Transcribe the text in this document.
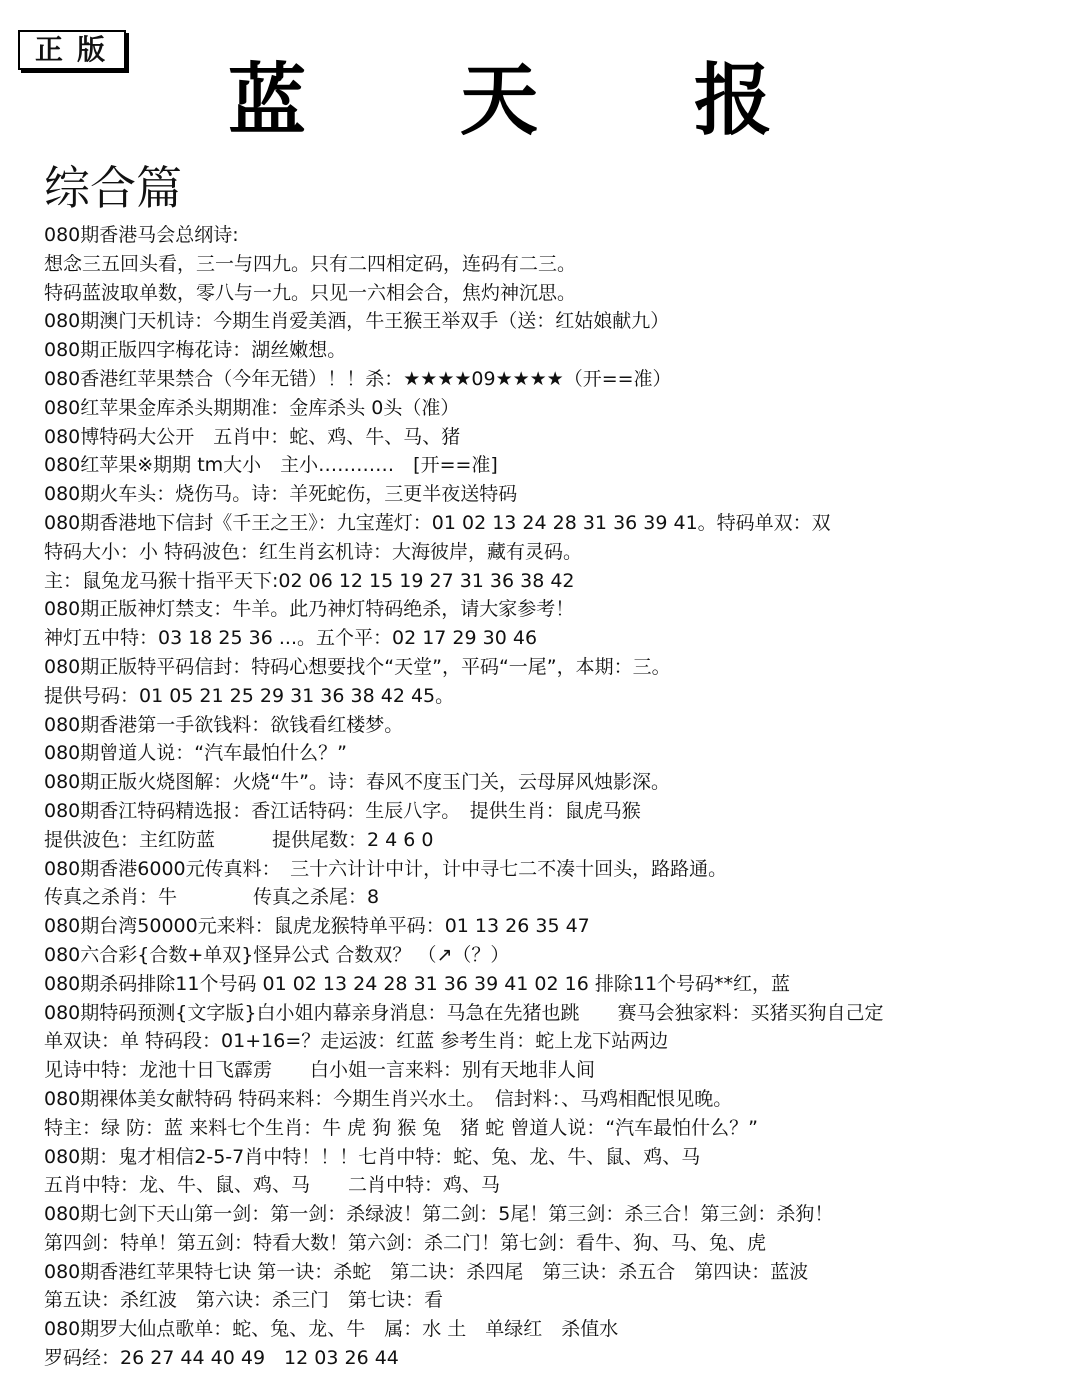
正版
蓝 天 报
综合篇
080期香港马会总纲诗:
想念三五回头看，三一与四九。只有二四相定码，连码有二三。
特码蓝波取单数，零八与一九。只见一六相会合，焦灼神沉思。
080期澳门天机诗：今期生肖爱美酒，牛王猴王举双手（送：红姑娘献九）
080期正版四字梅花诗：湖丝嫩想。
080香港红苹果禁合（今年无错）！！杀：★★★★09★★★★（开==准）
080红苹果金库杀头期期准：金库杀头 0头（准）
080博特码大公开　五肖中：蛇、鸡、牛、马、猪
080红苹果※期期 tm大小　主小…………　[开==准]
080期火车头：烧伤马。诗：羊死蛇伤，三更半夜送特码
080期香港地下信封《千王之王》：九宝莲灯：01 02 13 24 28 31 36 39 41。特码单双：双
特码大小：小 特码波色：红生肖玄机诗：大海彼岸，藏有灵码。
主：鼠兔龙马猴十指平天下:02 06 12 15 19 27 31 36 38 42
080期正版神灯禁支：牛羊。此乃神灯特码绝杀，请大家参考！
神灯五中特：03 18 25 36 ...。五个平：02 17 29 30 46
080期正版特平码信封：特码心想要找个“天堂”，平码“一尾”，本期：三。
提供号码：01 05 21 25 29 31 36 38 42 45。
080期香港第一手欲钱料：欲钱看红楼梦。
080期曾道人说：“汽车最怕什么？”
080期正版火烧图解：火烧“牛”。诗：春风不度玉门关，云母屏风烛影深。
080期香江特码精选报：香江话特码：生辰八字。　提供生肖：鼠虎马猴
提供波色：主红防蓝　　　提供尾数：2 4 6 0
080期香港6000元传真料：　三十六计计中计，计中寻七二不凑十回头，路路通。
传真之杀肖：牛　　　　传真之杀尾：8
080期台湾50000元来料：鼠虎龙猴特单平码：01 13 26 35 47
080六合彩{合数+单双}怪异公式 合数双？ （↗（？）
080期杀码排除11个号码 01 02 13 24 28 31 36 39 41 02 16 排除11个号码**红，蓝
080期特码预测{文字版}白小姐内幕亲身消息：马急在先猪也跳　　赛马会独家料：买猪买狗自己定
单双诀：单 特码段：01+16=？走运波：红蓝 参考生肖：蛇上龙下站两边
见诗中特：龙池十日飞霹雳　　白小姐一言来料：别有天地非人间
080期裸体美女献特码 特码来料：今期生肖兴水土。　信封料：、马鸡相配恨见晚。
特主：绿 防：蓝 来料七个生肖：牛 虎 狗 猴 兔　猪 蛇 曾道人说：“汽车最怕什么？”
080期：鬼才相信2-5-7肖中特！！！七肖中特：蛇、兔、龙、牛、鼠、鸡、马
五肖中特：龙、牛、鼠、鸡、马　　二肖中特：鸡、马
080期七剑下天山第一剑：第一剑：杀绿波！第二剑：5尾！第三剑：杀三合！第三剑：杀狗！
第四剑：特单！第五剑：特看大数！第六剑：杀二门！第七剑：看牛、狗、马、兔、虎
080期香港红苹果特七诀 第一诀：杀蛇　第二诀：杀四尾　第三诀：杀五合　第四诀：蓝波
第五诀：杀红波　第六诀：杀三门　第七诀：看
080期罗大仙点歌单：蛇、兔、龙、牛　属：水 土　单绿红　杀值水
罗码经：26 27 44 40 49　12 03 26 44
